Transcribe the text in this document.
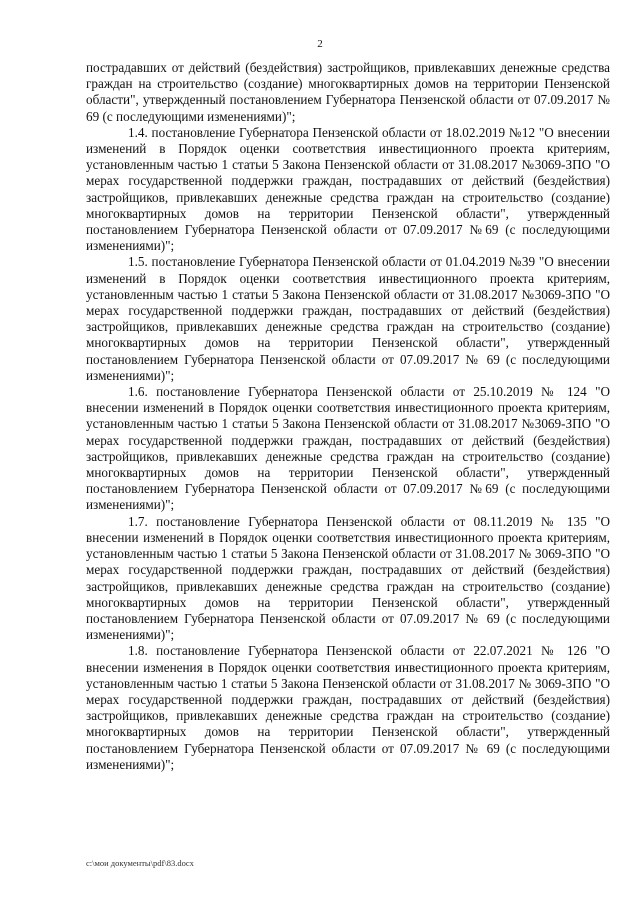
2

пострадавших от действий (бездействия) застройщиков, привлекавших денежные средства граждан на строительство (создание) многоквартирных домов на территории Пензенской области", утвержденный постановлением Губернатора Пензенской области от 07.09.2017 № 69 (с последующими изменениями)";

1.4. постановление Губернатора Пензенской области от 18.02.2019 №12 "О внесении изменений в Порядок оценки соответствия инвестиционного проекта критериям, установленным частью 1 статьи 5 Закона Пензенской области от 31.08.2017 №3069-ЗПО "О мерах государственной поддержки граждан, пострадавших от действий (бездействия) застройщиков, привлекавших денежные средства граждан на строительство (создание) многоквартирных домов на территории Пензенской области", утвержденный постановлением Губернатора Пензенской области от 07.09.2017 №69 (с последующими изменениями)";

1.5. постановление Губернатора Пензенской области от 01.04.2019 №39 "О внесении изменений в Порядок оценки соответствия инвестиционного проекта критериям, установленным частью 1 статьи 5 Закона Пензенской области от 31.08.2017 №3069-ЗПО "О мерах государственной поддержки граждан, пострадавших от действий (бездействия) застройщиков, привлекавших денежные средства граждан на строительство (создание) многоквартирных домов на территории Пензенской области", утвержденный постановлением Губернатора Пензенской области от 07.09.2017 № 69 (с последующими изменениями)";

1.6. постановление Губернатора Пензенской области от 25.10.2019 № 124 "О внесении изменений в Порядок оценки соответствия инвестиционного проекта критериям, установленным частью 1 статьи 5 Закона Пензенской области от 31.08.2017 №3069-ЗПО "О мерах государственной поддержки граждан, пострадавших от действий (бездействия) застройщиков, привлекавших денежные средства граждан на строительство (создание) многоквартирных домов на территории Пензенской области", утвержденный постановлением Губернатора Пензенской области от 07.09.2017 №69 (с последующими изменениями)";

1.7. постановление Губернатора Пензенской области от 08.11.2019 № 135 "О внесении изменений в Порядок оценки соответствия инвестиционного проекта критериям, установленным частью 1 статьи 5 Закона Пензенской области от 31.08.2017 № 3069-ЗПО "О мерах государственной поддержки граждан, пострадавших от действий (бездействия) застройщиков, привлекавших денежные средства граждан на строительство (создание) многоквартирных домов на территории Пензенской области", утвержденный постановлением Губернатора Пензенской области от 07.09.2017 № 69 (с последующими изменениями)";

1.8. постановление Губернатора Пензенской области от 22.07.2021 № 126 "О внесении изменения в Порядок оценки соответствия инвестиционного проекта критериям, установленным частью 1 статьи 5 Закона Пензенской области от 31.08.2017 № 3069-ЗПО "О мерах государственной поддержки граждан, пострадавших от действий (бездействия) застройщиков, привлекавших денежные средства граждан на строительство (создание) многоквартирных домов на территории Пензенской области", утвержденный постановлением Губернатора Пензенской области от 07.09.2017 № 69 (с последующими изменениями)";

c:\мои документы\pdf\83.docx
